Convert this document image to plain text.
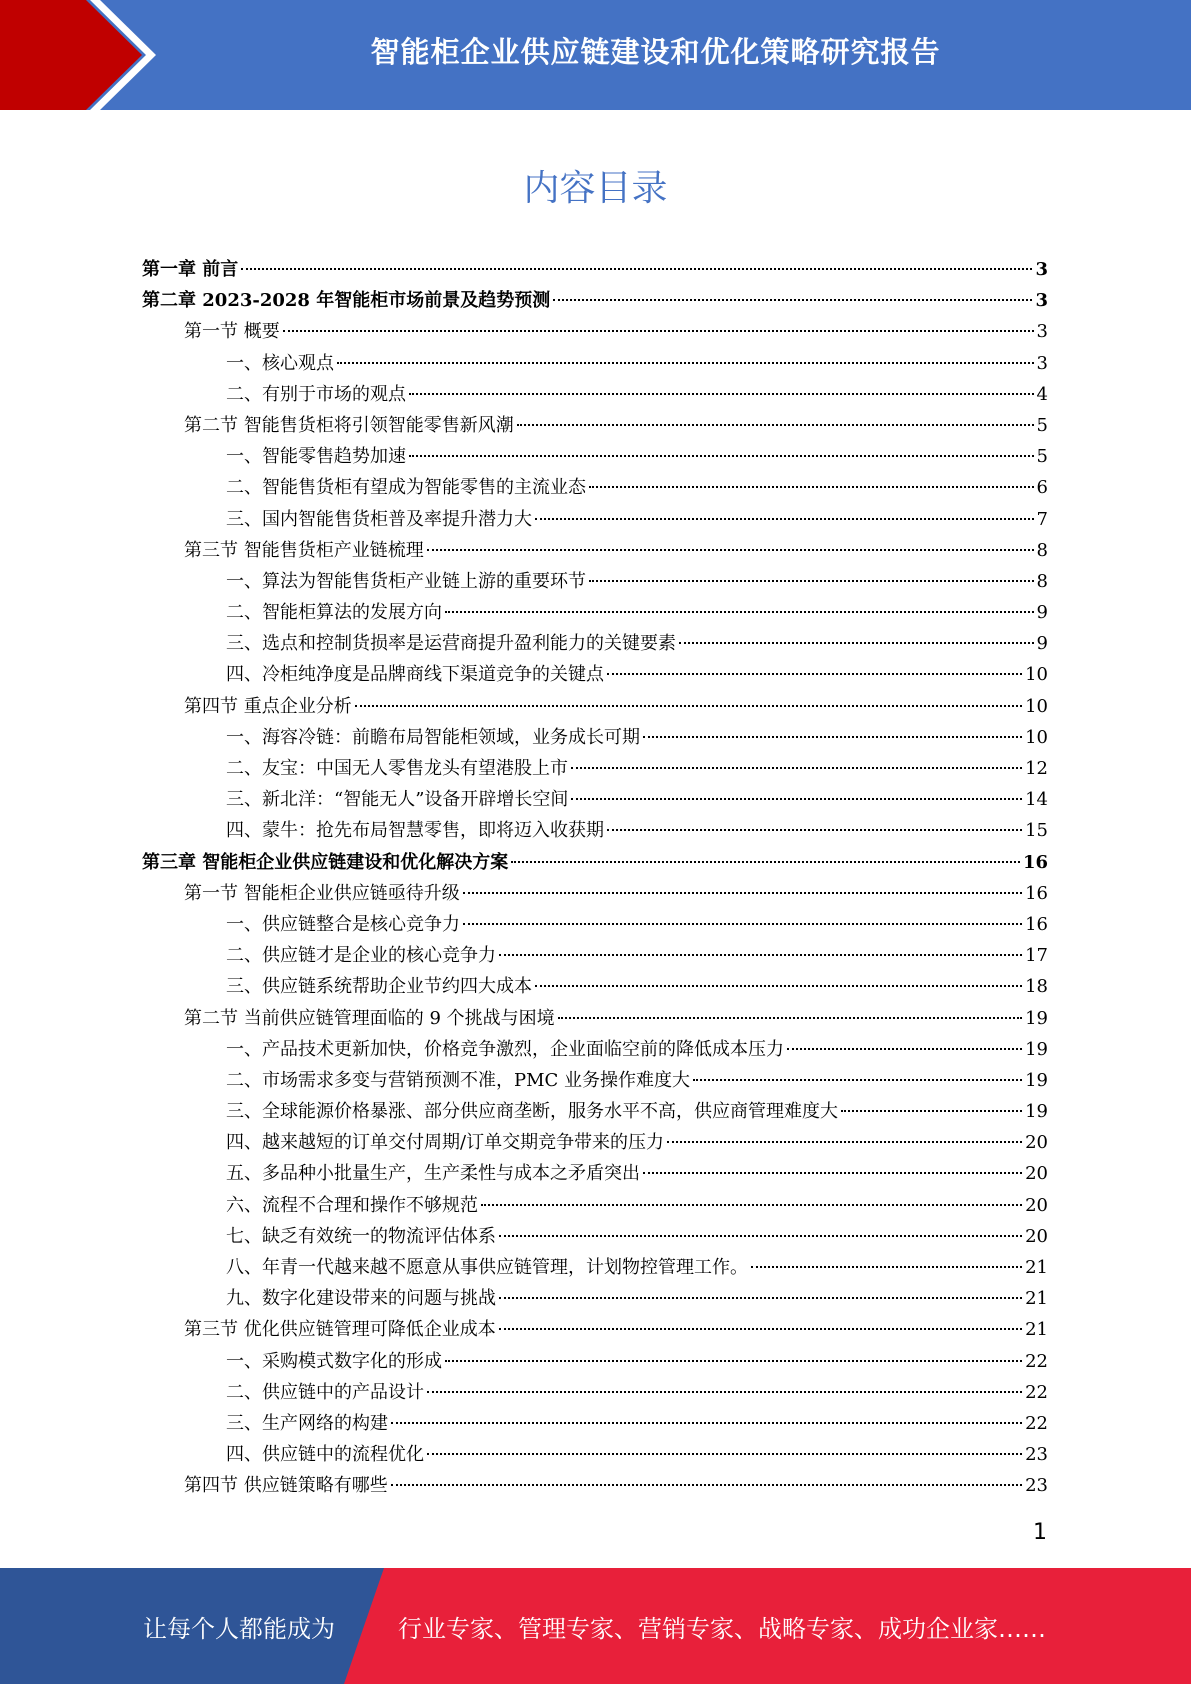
智能柜企业供应链建设和优化策略研究报告
内容目录
第一章 前言	3
第二章 2023-2028 年智能柜市场前景及趋势预测	3
第一节 概要	3
一、核心观点	3
二、有别于市场的观点	4
第二节 智能售货柜将引领智能零售新风潮	5
一、智能零售趋势加速	5
二、智能售货柜有望成为智能零售的主流业态	6
三、国内智能售货柜普及率提升潜力大	7
第三节 智能售货柜产业链梳理	8
一、算法为智能售货柜产业链上游的重要环节	8
二、智能柜算法的发展方向	9
三、选点和控制货损率是运营商提升盈利能力的关键要素	9
四、冷柜纯净度是品牌商线下渠道竞争的关键点	10
第四节 重点企业分析	10
一、海容冷链：前瞻布局智能柜领域，业务成长可期	10
二、友宝：中国无人零售龙头有望港股上市	12
三、新北洋：“智能无人”设备开辟增长空间	14
四、蒙牛：抢先布局智慧零售，即将迈入收获期	15
第三章 智能柜企业供应链建设和优化解决方案	16
第一节 智能柜企业供应链亟待升级	16
一、供应链整合是核心竞争力	16
二、供应链才是企业的核心竞争力	17
三、供应链系统帮助企业节约四大成本	18
第二节 当前供应链管理面临的 9 个挑战与困境	19
一、产品技术更新加快，价格竞争激烈，企业面临空前的降低成本压力	19
二、市场需求多变与营销预测不准，PMC 业务操作难度大	19
三、全球能源价格暴涨、部分供应商垄断，服务水平不高，供应商管理难度大	19
四、越来越短的订单交付周期/订单交期竞争带来的压力	20
五、多品种小批量生产，生产柔性与成本之矛盾突出	20
六、流程不合理和操作不够规范	20
七、缺乏有效统一的物流评估体系	20
八、年青一代越来越不愿意从事供应链管理，计划物控管理工作。	21
九、数字化建设带来的问题与挑战	21
第三节 优化供应链管理可降低企业成本	21
一、采购模式数字化的形成	22
二、供应链中的产品设计	22
三、生产网络的构建	22
四、供应链中的流程优化	23
第四节 供应链策略有哪些	23
1
让每个人都能成为	行业专家、管理专家、营销专家、战略专家、成功企业家……
